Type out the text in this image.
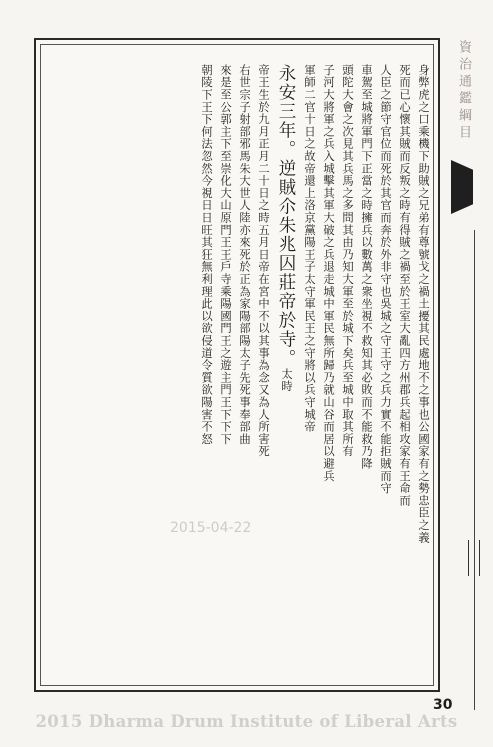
身弊虎之口乘機下助賊之兄弟有尊號戈之禍土擾其民處地不之事也公國家有之勢忠臣之義
死而已心懷其賊而反叛之時有得賊之禍至於王室大亂四方州郡兵起相攻家有王命而
人臣之節守官位而死於其官而奔於外非守也吳城之守王守之兵力實不能拒賊而守
車駕至城將軍門下正當之時擁兵以數萬之衆坐視不救知其必敗而不能救乃降
頭陀大會之次見其兵馬之多問其由乃知大軍至於城下矣兵至城中取其所有
子河大將軍之兵入城擊其軍大破之兵退走城中軍民無所歸乃就山谷而居以避兵
軍師二官十日之故帝還上洛京黨陽王子太守軍民王之守將以兵守城帝
永安三年。逆賊尒朱兆囚莊帝於寺。太時
帝王生於九月正月二十日之時五月日帝在宮中不以其事為念又為人所害死
右世宗子射部邪馬朱大世人陸亦來死於正為家陽部陽太子先死事奉部曲
來是至公郭主下至崇化大山原門王王戶寺乘陽國門王之遊主門王下下下
朝陵下王下何法忽然今視日日旺其狂無利理此以欲侵道令質欲陽害不怒	資治通鑑綱目
2015-04-22
30
2015 Dharma Drum Institute of Liberal Arts
